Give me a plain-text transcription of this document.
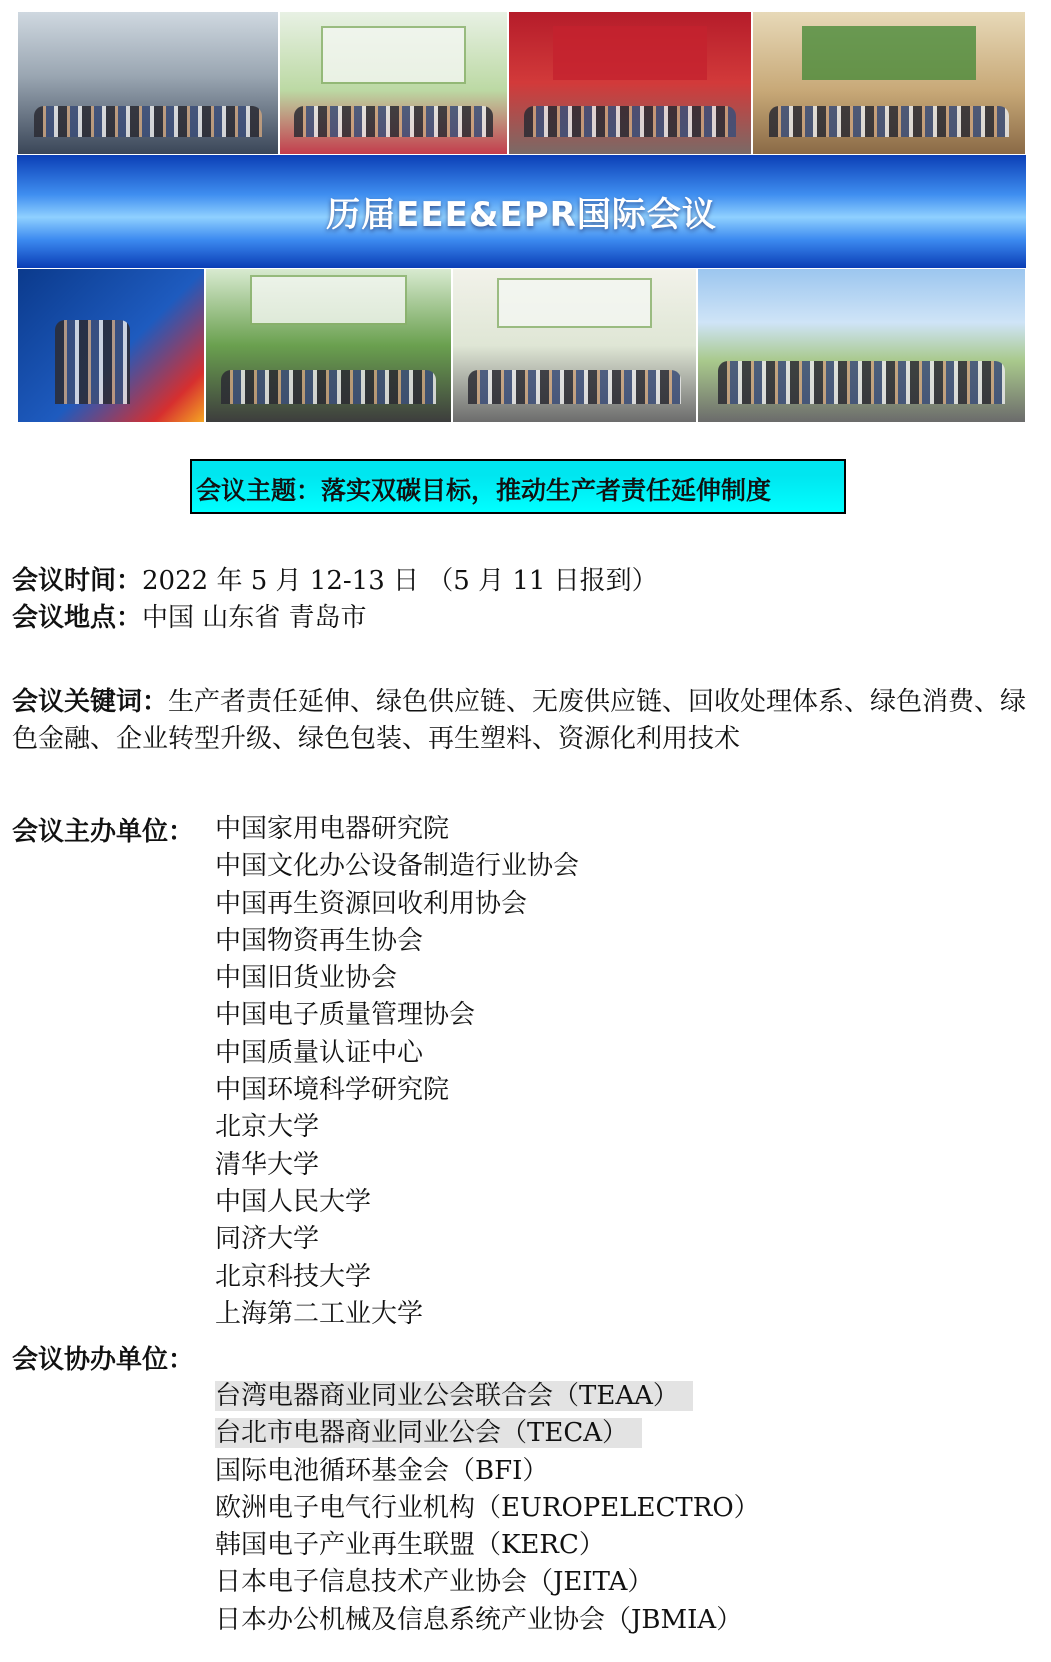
历届EEE&EPR国际会议
会议主题： 落实双碳目标，推动生产者责任延伸制度
会议时间：2022 年 5 月 12-13 日 （5 月 11 日报到）
会议地点：中国 山东省 青岛市
会议关键词：生产者责任延伸、绿色供应链、无废供应链、回收处理体系、绿色消费、绿色金融、企业转型升级、绿色包装、再生塑料、资源化利用技术
会议主办单位： 中国家用电器研究院
中国文化办公设备制造行业协会
中国再生资源回收利用协会
中国物资再生协会
中国旧货业协会
中国电子质量管理协会
中国质量认证中心
中国环境科学研究院
北京大学
清华大学
中国人民大学
同济大学
北京科技大学
上海第二工业大学
会议协办单位：
台湾电器商业同业公会联合会（TEAA）
台北市电器商业同业公会（TECA）
国际电池循环基金会（BFI）
欧洲电子电气行业机构（EUROPELECTRO）
韩国电子产业再生联盟（KERC）
日本电子信息技术产业协会（JEITA）
日本办公机械及信息系统产业协会（JBMIA）
